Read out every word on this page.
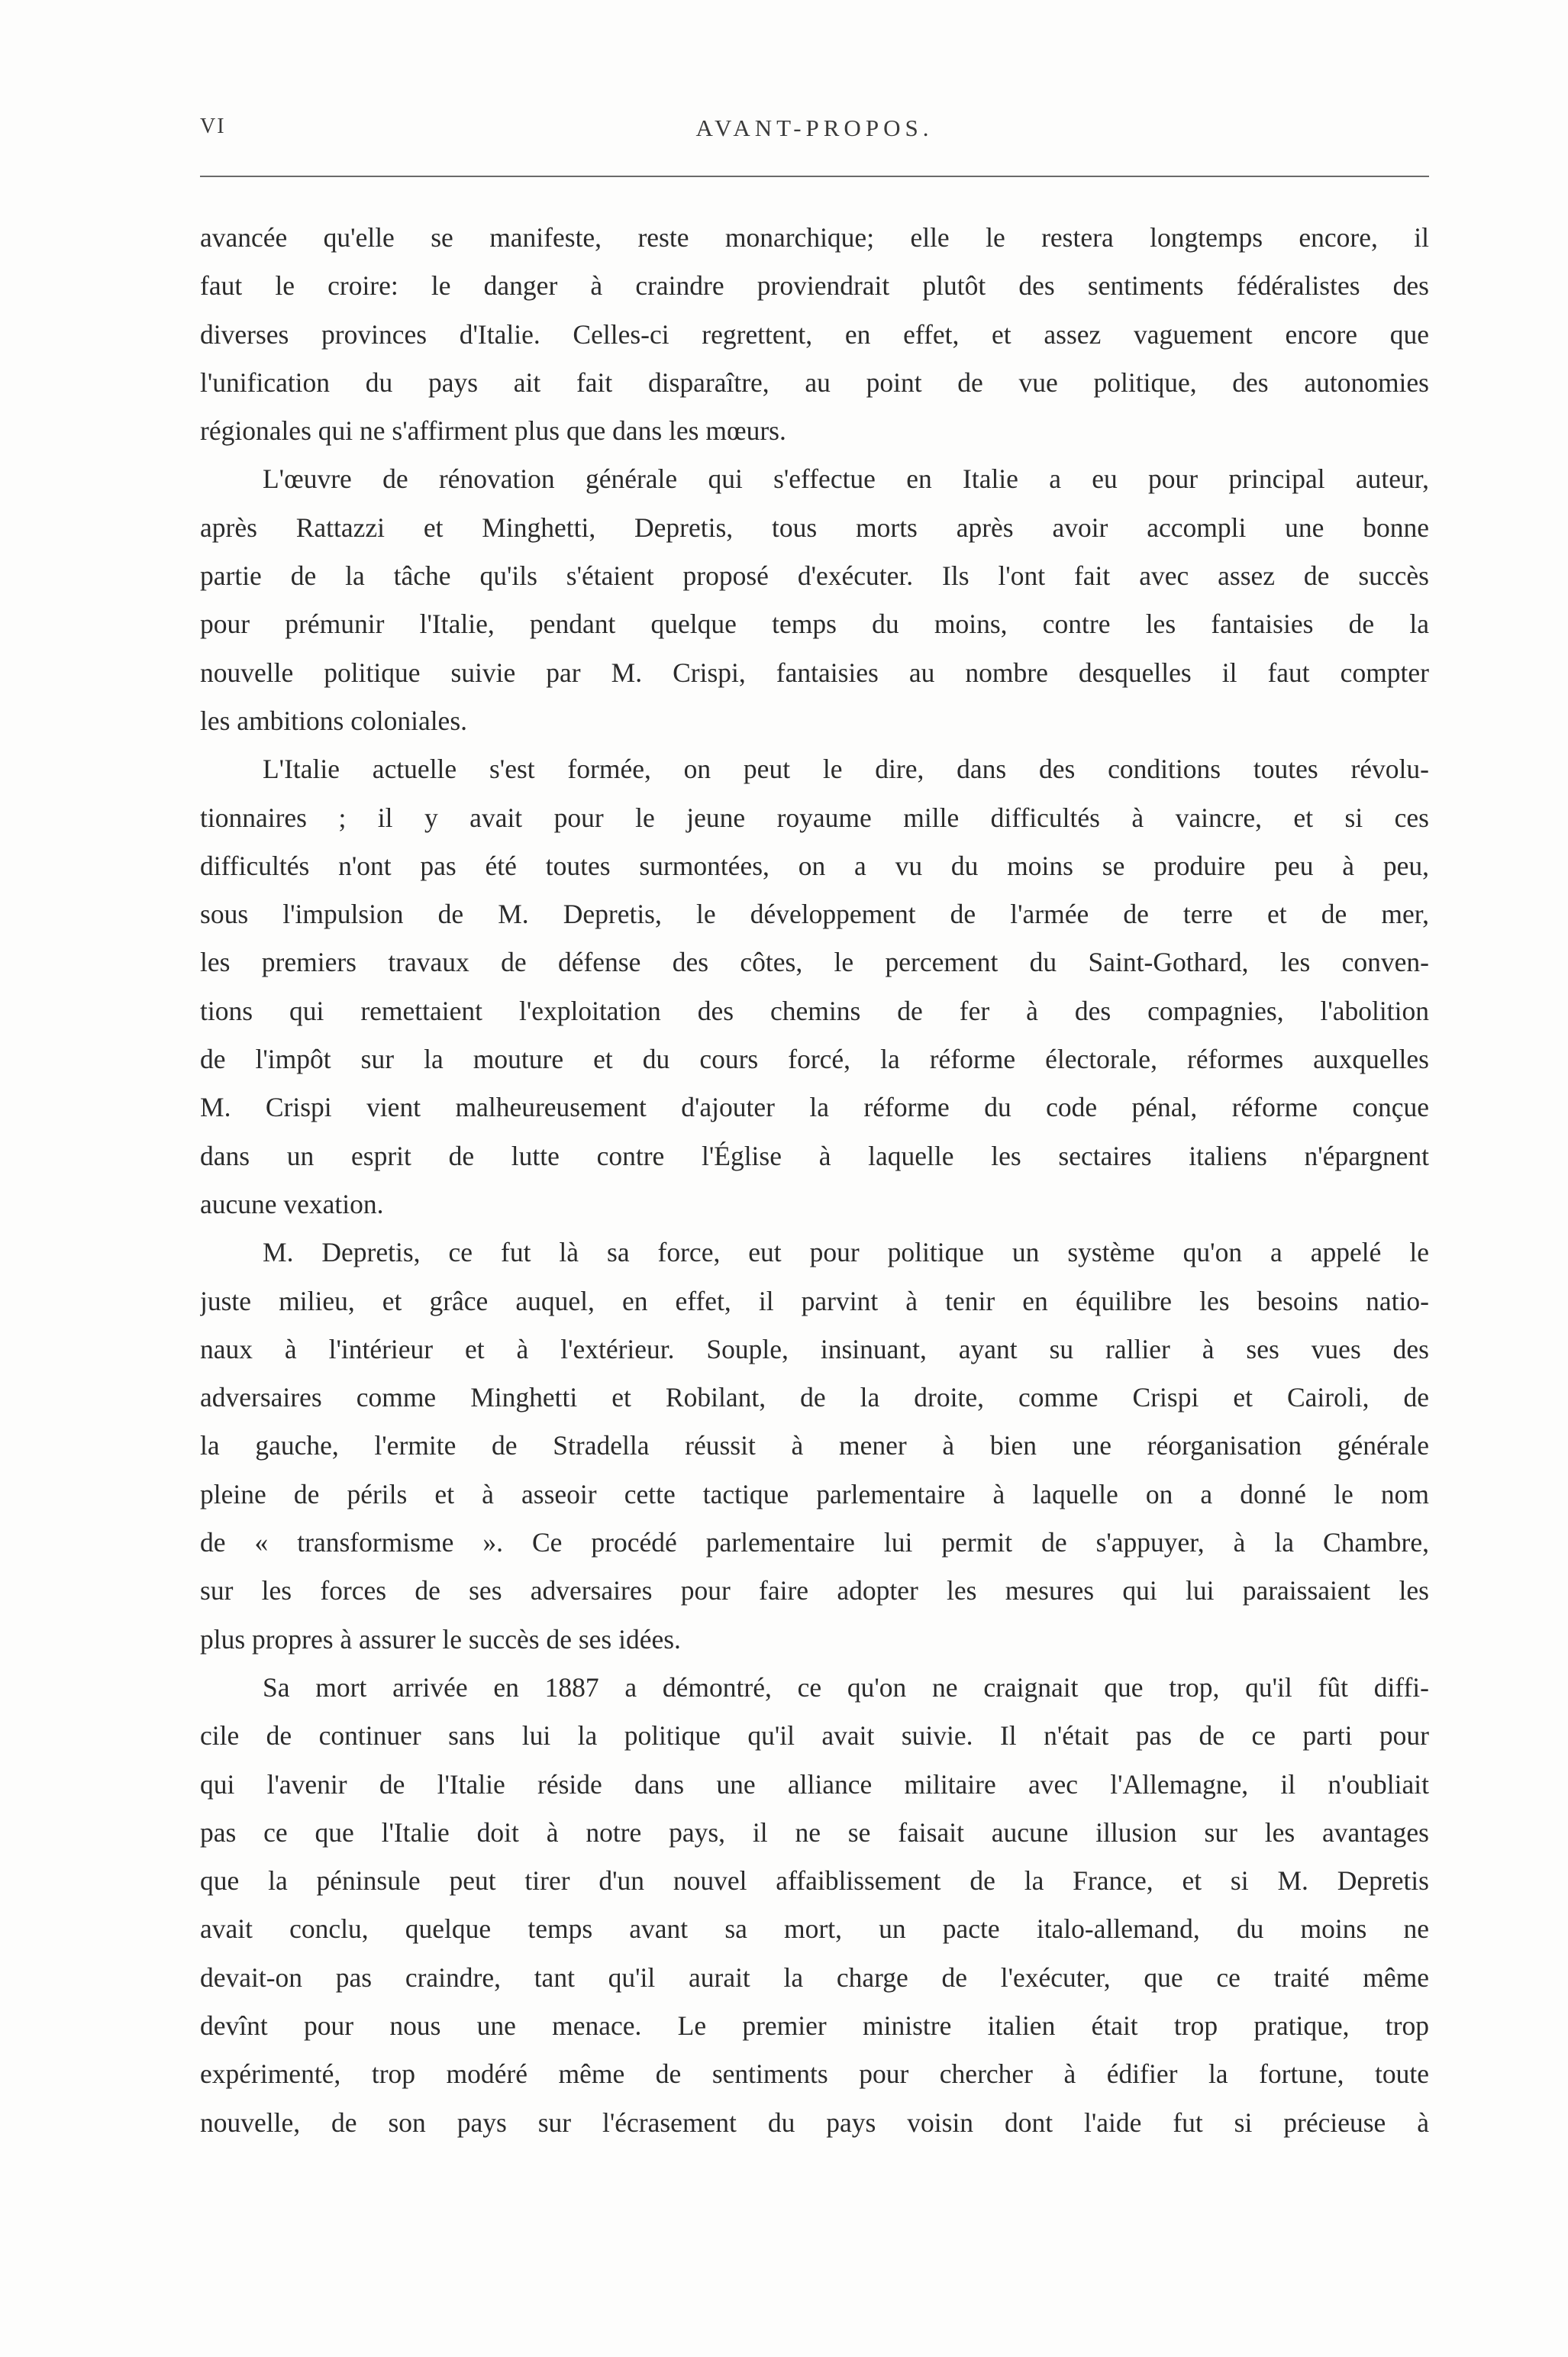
VI	AVANT-PROPOS.
avancée qu'elle se manifeste, reste monarchique; elle le restera longtemps encore, il
faut le croire: le danger à craindre proviendrait plutôt des sentiments fédéralistes des
diverses provinces d'Italie. Celles-ci regrettent, en effet, et assez vaguement encore que
l'unification du pays ait fait disparaître, au point de vue politique, des autonomies
régionales qui ne s'affirment plus que dans les mœurs.
L'œuvre de rénovation générale qui s'effectue en Italie a eu pour principal auteur,
après Rattazzi et Minghetti, Depretis, tous morts après avoir accompli une bonne
partie de la tâche qu'ils s'étaient proposé d'exécuter. Ils l'ont fait avec assez de succès
pour prémunir l'Italie, pendant quelque temps du moins, contre les fantaisies de la
nouvelle politique suivie par M. Crispi, fantaisies au nombre desquelles il faut compter
les ambitions coloniales.
L'Italie actuelle s'est formée, on peut le dire, dans des conditions toutes révolu-
tionnaires ; il y avait pour le jeune royaume mille difficultés à vaincre, et si ces
difficultés n'ont pas été toutes surmontées, on a vu du moins se produire peu à peu,
sous l'impulsion de M. Depretis, le développement de l'armée de terre et de mer,
les premiers travaux de défense des côtes, le percement du Saint-Gothard, les conven-
tions qui remettaient l'exploitation des chemins de fer à des compagnies, l'abolition
de l'impôt sur la mouture et du cours forcé, la réforme électorale, réformes auxquelles
M. Crispi vient malheureusement d'ajouter la réforme du code pénal, réforme conçue
dans un esprit de lutte contre l'Église à laquelle les sectaires italiens n'épargnent
aucune vexation.
M. Depretis, ce fut là sa force, eut pour politique un système qu'on a appelé le
juste milieu, et grâce auquel, en effet, il parvint à tenir en équilibre les besoins natio-
naux à l'intérieur et à l'extérieur. Souple, insinuant, ayant su rallier à ses vues des
adversaires comme Minghetti et Robilant, de la droite, comme Crispi et Cairoli, de
la gauche, l'ermite de Stradella réussit à mener à bien une réorganisation générale
pleine de périls et à asseoir cette tactique parlementaire à laquelle on a donné le nom
de « transformisme ». Ce procédé parlementaire lui permit de s'appuyer, à la Chambre,
sur les forces de ses adversaires pour faire adopter les mesures qui lui paraissaient les
plus propres à assurer le succès de ses idées.
Sa mort arrivée en 1887 a démontré, ce qu'on ne craignait que trop, qu'il fût diffi-
cile de continuer sans lui la politique qu'il avait suivie. Il n'était pas de ce parti pour
qui l'avenir de l'Italie réside dans une alliance militaire avec l'Allemagne, il n'oubliait
pas ce que l'Italie doit à notre pays, il ne se faisait aucune illusion sur les avantages
que la péninsule peut tirer d'un nouvel affaiblissement de la France, et si M. Depretis
avait conclu, quelque temps avant sa mort, un pacte italo-allemand, du moins ne
devait-on pas craindre, tant qu'il aurait la charge de l'exécuter, que ce traité même
devînt pour nous une menace. Le premier ministre italien était trop pratique, trop
expérimenté, trop modéré même de sentiments pour chercher à édifier la fortune, toute
nouvelle, de son pays sur l'écrasement du pays voisin dont l'aide fut si précieuse à
